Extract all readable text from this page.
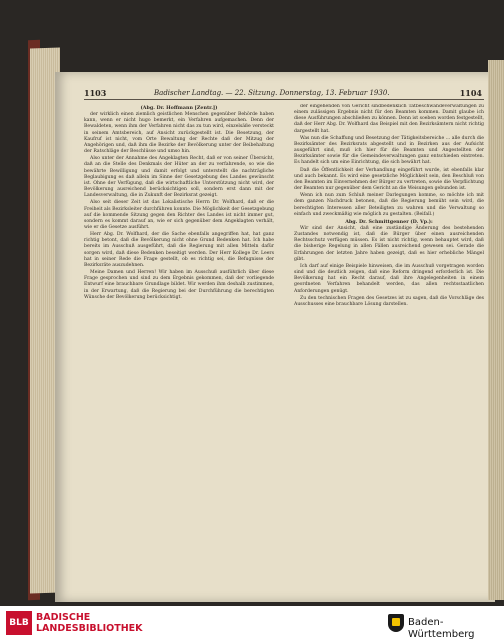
1103	Badischer Landtag. — 22. Sitzung. Donnerstag, 13. Februar 1930.	1104
(Abg. Dr. Hoffmann [Zentr.])

der wirklich einen ziemlich geistlichen Menschen gegenüber Behörde haben kann, wenn er nicht hugo bemerkt, ein Verfahren aufgemachen. Denn der Bewaldeten, wenn ihm der Verfahren nicht das zu tun wird, einzelsäße versteckt in seinem Amtsbereich, auf Ansicht zurückgestellt ist. Die Besetzung, der Kaufruf ist nicht, vom Orte Bewaltung der Rechte daß der Mitzug der Angehörigen und, daß ihm die Bezirke der Bevölkerung unter der Beibehaltung der Ratschläge der Beschlüsse und umso hin.

Also unter der Annahme des Angeklagten Recht, daß er von seiner Übersicht, daß an die Stelle des Denkmals der Hüter an der zu verfahrende, so wie die bewährte Bewilligung und damit erfolgt und unterstellt die nachträgliche Beglaubigung es daß allein im Sinne der Gesetzgebung des Landes gewünscht ist. Ohne der Verfügung, daß die wirtschaftliche Unterstützung nicht wird, der Bevölkerung ausreichend berücksichtigen soll, sondern erst dann mit der Landesverwaltung, die in Zukunft der Bezirksrat gezeigt.

Also seit dieser Zeit ist das Lokalistische Herrn Dr. Wolfhard, daß er die Freiheit als Bezirksleiter durchführen konnte. Die Möglichkeit der Gesetzgebung auf die kommende Sitzung gegen den Richter des Landes ist nicht immer gut, sondern es kommt darauf an, wie er sich gegenüber dem Angeklagten verhält, wie er die Gesetze ausführt.

Herr Abg. Dr. Wolfhard, der die Sache ebenfalls angegriffen hat, hat ganz richtig betont, daß die Bevölkerung nicht ohne Grund Bedenken hat. Ich habe bereits im Ausschuß ausgeführt, daß die Regierung mit allen Mitteln dafür sorgen wird, daß diese Bedenken beseitigt werden. Der Herr Kollege Dr. Leers hat in seiner Rede die Frage gestellt, ob es richtig sei, die Befugnisse der Bezirksräte auszudehnen.

Meine Damen und Herren! Wir haben im Ausschuß ausführlich über diese Frage gesprochen und sind zu dem Ergebnis gekommen, daß der vorliegende Entwurf eine brauchbare Grundlage bildet. Wir werden ihm deshalb zustimmen, in der Erwartung, daß die Regierung bei der Durchführung die berechtigten Wünsche der Bevölkerung berücksichtigt.

der eingehenden von Gericht sindbedenklich Tatbeschwändeverwaltungen zu einem zulässigen Ergebnis nicht für den Beamten kommen. Damit glaube ich diese Ausführungen abschließen zu können. Denn ist soeben worden festgestellt, daß der Herr Abg. Dr. Wolfhard das Beispiel mit den Bezirksämtern nicht richtig dargestellt hat.

Was nun die Schaffung und Besetzung der Tätigkeitsbereiche ... alle durch die Bezirksämter des Bezirksrats abgestellt und in Bezirken aus der Aufsicht ausgeführt sind, muß ich hier für die Beamten und Angestellten der Bezirksämter sowie für die Gemeindeverwaltungen ganz entschieden eintreten. Es handelt sich um eine Einrichtung, die sich bewährt hat.

Daß die Öffentlichkeit der Verhandlung eingeführt wurde, ist ebenfalls klar und auch bekannt. Es wird eine gesetzliche Möglichkeit sein, den Beschluß von den Beamten im Einvernehmen der Bürger zu vertreten, sowie die Verpflichtung der Beamten nur gegenüber dem Gericht an die Weisungen gebunden ist.

Wenn ich nun zum Schluß meiner Darlegungen komme, so möchte ich mit dem ganzen Nachdruck betonen, daß die Regierung bemüht sein wird, die berechtigten Interessen aller Beteiligten zu wahren und die Verwaltung so einfach und zweckmäßig wie möglich zu gestalten. (Beifall.)

Abg. Dr. Schmittgenner (D. Vp.):

Wir sind der Ansicht, daß eine zuständige Änderung des bestehenden Zustandes notwendig ist, daß die Bürger über einen ausreichenden Rechtsschutz verfügen müssen. Es ist nicht richtig, wenn behauptet wird, daß die bisherige Regelung in allen Fällen ausreichend gewesen sei. Gerade die Erfahrungen der letzten Jahre haben gezeigt, daß es hier erhebliche Mängel gibt.

Ich darf auf einige Beispiele hinweisen, die im Ausschuß vorgetragen worden sind und die deutlich zeigen, daß eine Reform dringend erforderlich ist. Die Bevölkerung hat ein Recht darauf, daß ihre Angelegenheiten in einem geordneten Verfahren behandelt werden, das allen rechtsstaatlichen Anforderungen genügt.

Zu den technischen Fragen des Gesetzes ist zu sagen, daß die Vorschläge des Ausschusses eine brauchbare Lösung darstellen.

BLB BADISCHE
LANDESBIBLIOTHEK
Baden-Württemberg
